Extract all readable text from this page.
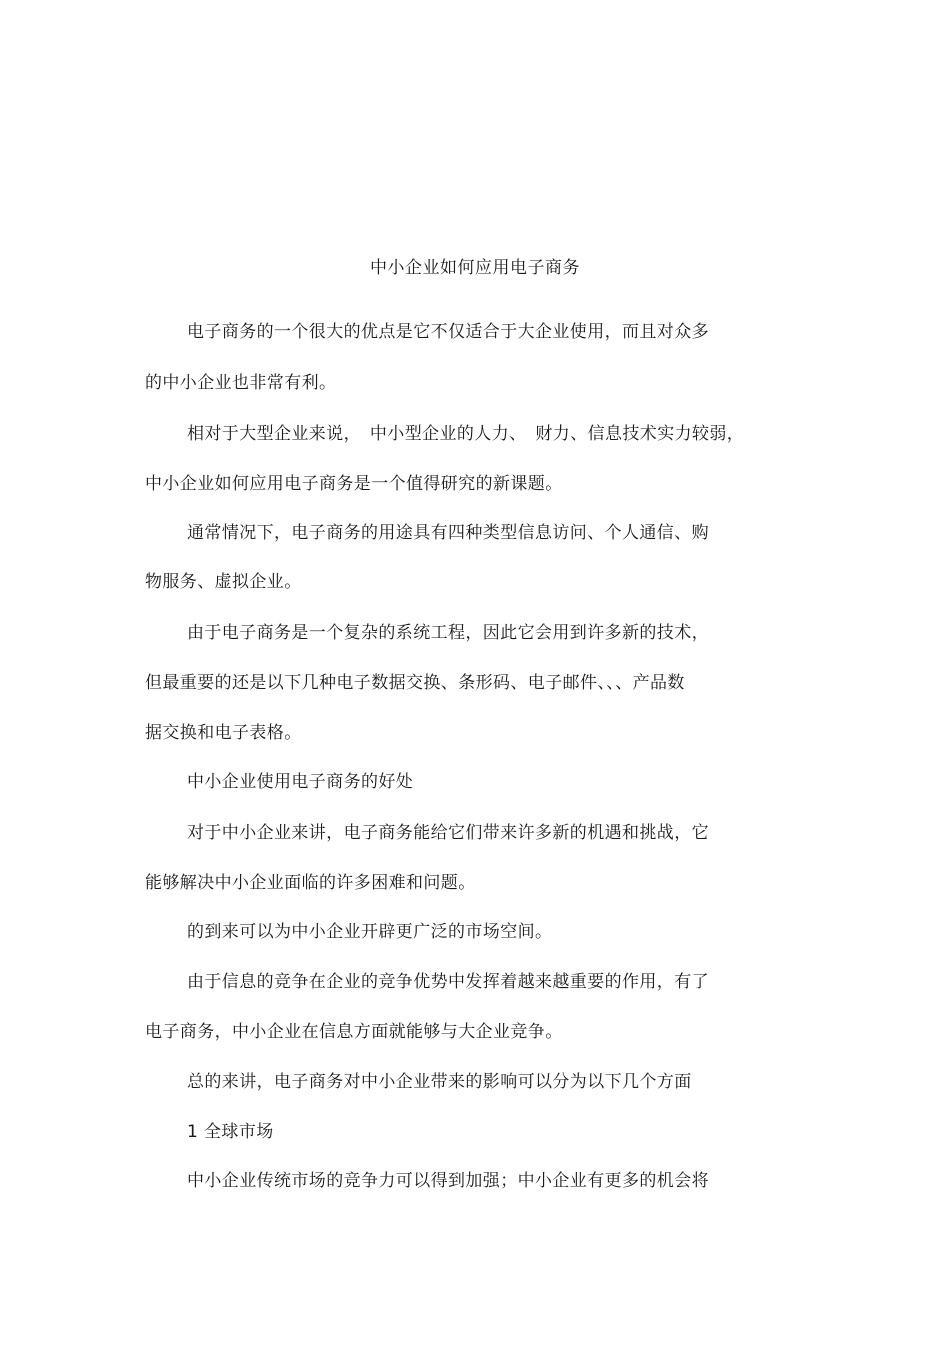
中小企业如何应用电子商务
电子商务的一个很大的优点是它不仅适合于大企业使用，而且对众多
的中小企业也非常有利。
相对于大型企业来说，　中小型企业的人力、　财力、信息技术实力较弱，
中小企业如何应用电子商务是一个值得研究的新课题。
通常情况下，电子商务的用途具有四种类型信息访问、个人通信、购
物服务、虚拟企业。
由于电子商务是一个复杂的系统工程，因此它会用到许多新的技术，
但最重要的还是以下几种电子数据交换、条形码、电子邮件、、、产品数
据交换和电子表格。
中小企业使用电子商务的好处
对于中小企业来讲，电子商务能给它们带来许多新的机遇和挑战，它
能够解决中小企业面临的许多困难和问题。
的到来可以为中小企业开辟更广泛的市场空间。
由于信息的竞争在企业的竞争优势中发挥着越来越重要的作用，有了
电子商务，中小企业在信息方面就能够与大企业竞争。
总的来讲，电子商务对中小企业带来的影响可以分为以下几个方面
1 全球市场
中小企业传统市场的竞争力可以得到加强；中小企业有更多的机会将
